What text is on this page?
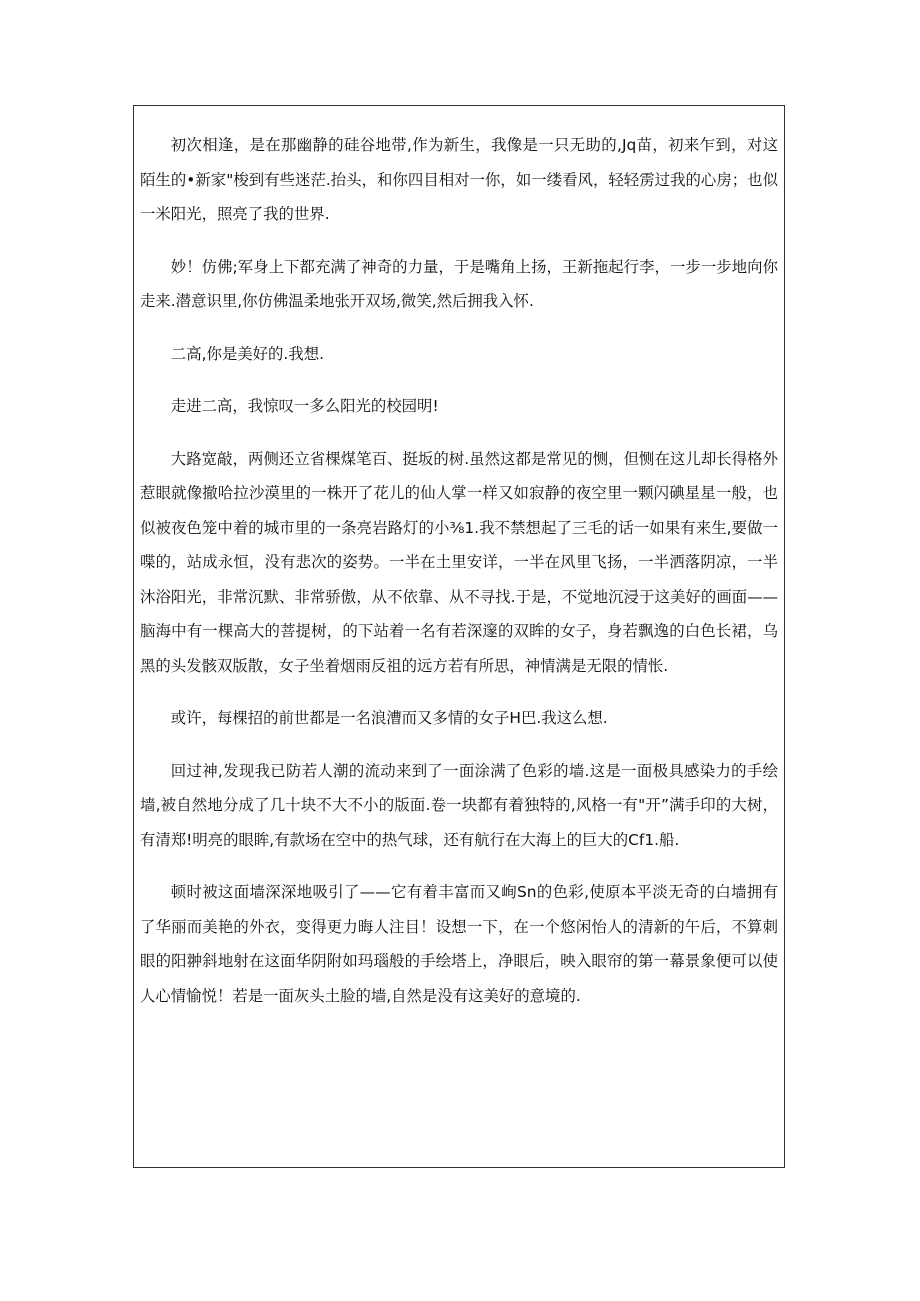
初次相逢，是在那幽静的硅谷地带,作为新生，我像是一只无助的,Jq苗，初来乍到，对这陌生的•新家"梭到有些迷茫.抬头，和你四目相对一你，如一缕看风，轻轻雳过我的心房；也似一米阳光，照亮了我的世界.

妙！仿佛;军身上下都充满了神奇的力量，于是嘴角上扬，王新拖起行李，一步一步地向你走来.潜意识里,你仿佛温柔地张开双场,微笑,然后拥我入怀.

二高,你是美好的.我想.

走进二高，我惊叹一多么阳光的校园明!

大路宽敲，两侧还立省棵煤笔百、挺坂的树.虽然这都是常见的恻，但恻在这儿却长得格外惹眼就像撤哈拉沙漠里的一株开了花儿的仙人掌一样又如寂静的夜空里一颗闪碘星星一般，也似被夜色笼中着的城市里的一条亮岩路灯的小⅜1.我不禁想起了三毛的话一如果有来生,要做一喋的，站成永恒，没有悲次的姿势。一半在土里安详，一半在风里飞扬，一半洒落阴凉，一半沐浴阳光，非常沉默、非常骄傲，从不依靠、从不寻找.于是，不觉地沉浸于这美好的画面——脑海中有一棵高大的菩提树，的下站着一名有若深邃的双眸的女子，身若飘逸的白色长裙，乌黑的头发骸双版散，女子坐着烟雨反祖的远方若有所思，神情满是无限的情怅.

或许，每棵招的前世都是一名浪漕而又多情的女子H巴.我这么想.

回过神,发现我已防若人潮的流动来到了一面涂满了色彩的墙.这是一面极具感染力的手绘墙,被自然地分成了几十块不大不小的版面.卷一块都有着独特的,风格一有"开”满手印的大树，有清郑!明亮的眼眸,有款场在空中的热气球，还有航行在大海上的巨大的Cf1.船.

顿时被这面墙深深地吸引了——它有着丰富而又峋Sn的色彩,使原本平淡无奇的白墙拥有了华丽而美艳的外衣，变得更力晦人注目！设想一下，在一个悠闲怡人的清新的午后，不算刺眼的阳翀斜地射在这面华阴附如玛瑙般的手绘塔上，净眼后，映入眼帘的第一幕景象便可以使人心情愉悦！若是一面灰头土脸的墙,自然是没有这美好的意境的.
